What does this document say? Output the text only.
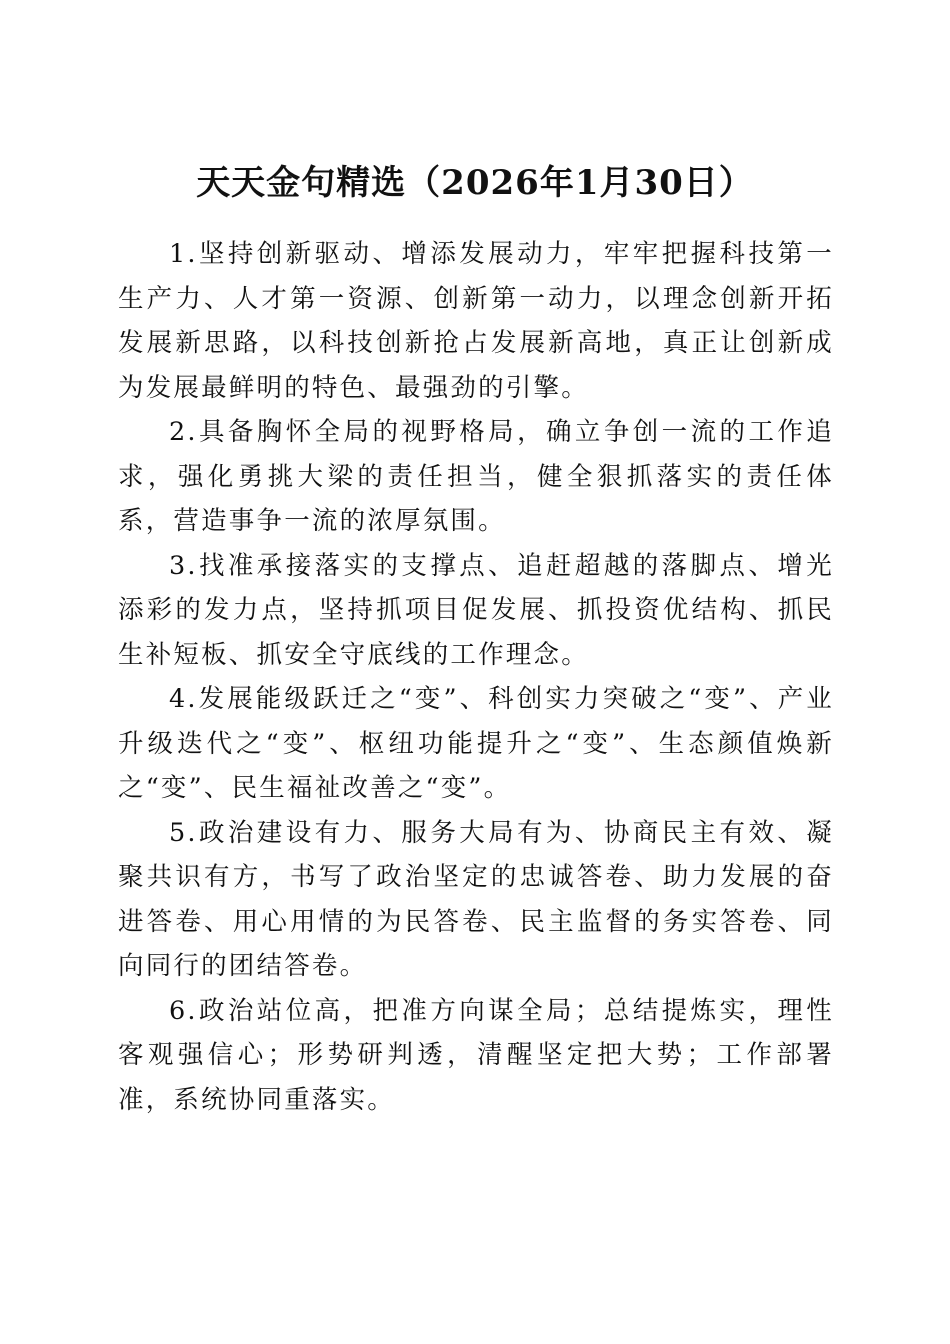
天天金句精选（2026年1月30日）

1.坚持创新驱动、增添发展动力，牢牢把握科技第一生产力、人才第一资源、创新第一动力，以理念创新开拓发展新思路，以科技创新抢占发展新高地，真正让创新成为发展最鲜明的特色、最强劲的引擎。

2.具备胸怀全局的视野格局，确立争创一流的工作追求，强化勇挑大梁的责任担当，健全狠抓落实的责任体系，营造事争一流的浓厚氛围。

3.找准承接落实的支撑点、追赶超越的落脚点、增光添彩的发力点，坚持抓项目促发展、抓投资优结构、抓民生补短板、抓安全守底线的工作理念。

4.发展能级跃迁之“变”、科创实力突破之“变”、产业升级迭代之“变”、枢纽功能提升之“变”、生态颜值焕新之“变”、民生福祉改善之“变”。

5.政治建设有力、服务大局有为、协商民主有效、凝聚共识有方，书写了政治坚定的忠诚答卷、助力发展的奋进答卷、用心用情的为民答卷、民主监督的务实答卷、同向同行的团结答卷。

6.政治站位高，把准方向谋全局；总结提炼实，理性客观强信心；形势研判透，清醒坚定把大势；工作部署准，系统协同重落实。
